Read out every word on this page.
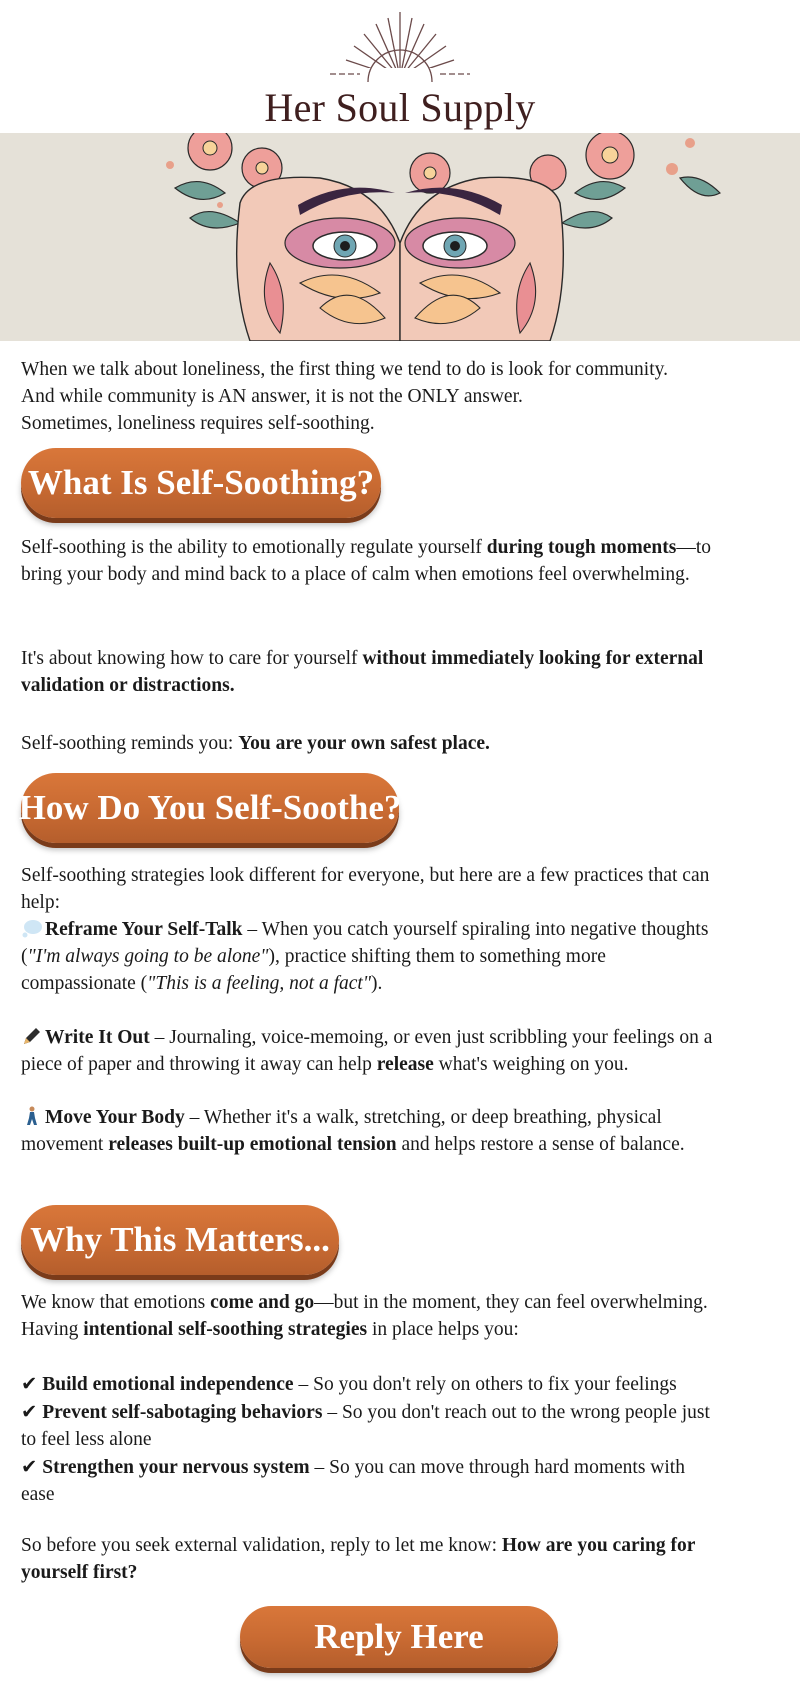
Her Soul Supply
When we talk about loneliness, the first thing we tend to do is look for community.
And while community is AN answer, it is not the ONLY answer.
Sometimes, loneliness requires self-soothing.
What Is Self-Soothing?
Self-soothing is the ability to emotionally regulate yourself during tough moments—to bring your body and mind back to a place of calm when emotions feel overwhelming.
It's about knowing how to care for yourself without immediately looking for external validation or distractions.
Self-soothing reminds you: You are your own safest place.
How Do You Self-Soothe?
Self-soothing strategies look different for everyone, but here are a few practices that can help:
Reframe Your Self-Talk – When you catch yourself spiraling into negative thoughts ("I'm always going to be alone"), practice shifting them to something more compassionate ("This is a feeling, not a fact").
Write It Out – Journaling, voice-memoing, or even just scribbling your feelings on a piece of paper and throwing it away can help release what's weighing on you.
Move Your Body – Whether it's a walk, stretching, or deep breathing, physical movement releases built-up emotional tension and helps restore a sense of balance.
Why This Matters...
We know that emotions come and go—but in the moment, they can feel overwhelming. Having intentional self-soothing strategies in place helps you:
✔ Build emotional independence – So you don't rely on others to fix your feelings
✔ Prevent self-sabotaging behaviors – So you don't reach out to the wrong people just to feel less alone
✔ Strengthen your nervous system – So you can move through hard moments with ease
So before you seek external validation, reply to let me know: How are you caring for yourself first?
Reply Here
